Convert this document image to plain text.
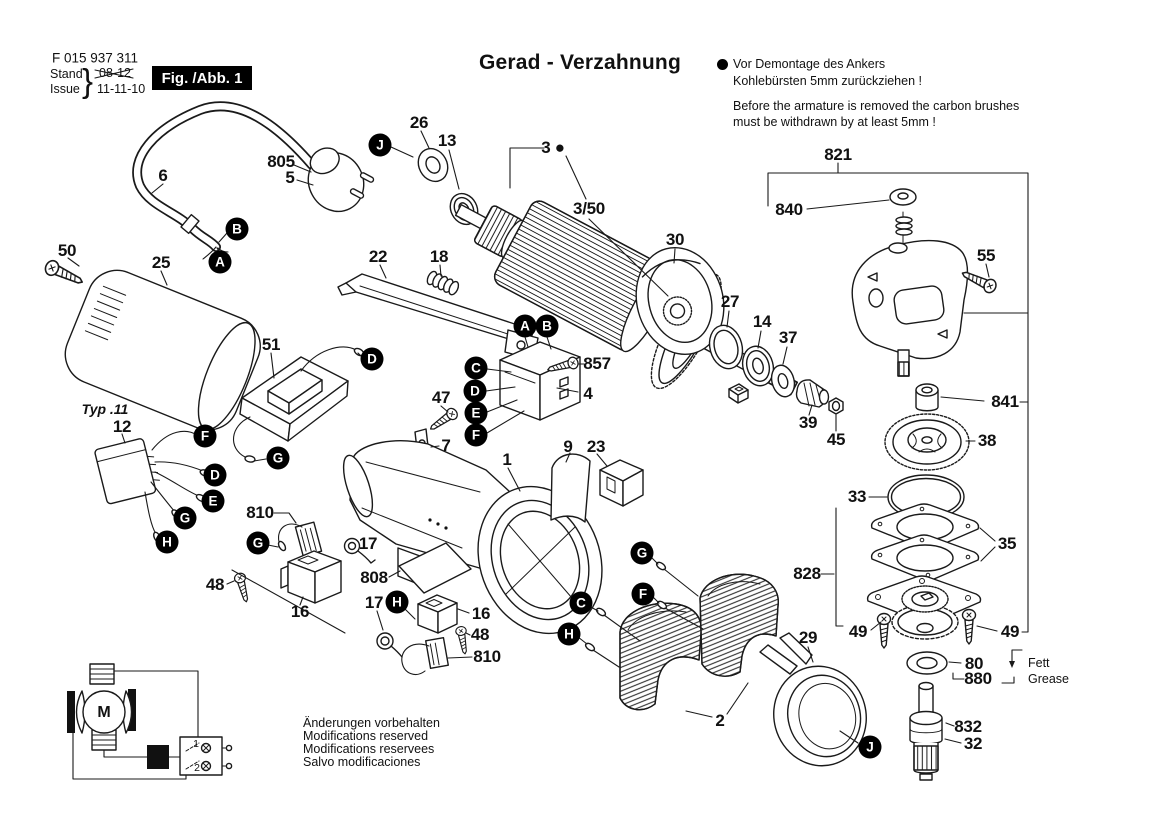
F 015 937 311
Stand
Issue } 08-12
11-11-10
Fig. /Abb. 1
Gerad - Verzahnung	Vor Demontage des Ankers
Kohlebürsten 5mm zurückziehen !
Before the armature is removed the carbon brushes
must be withdrawn by at least 5mm !
Typ .11
Fett
Grease
M
1
2
Änderungen vorbehalten
Modifications reserved
Modifications reservees
Salvo modificaciones
50
25
6
805
5
26
13	3 ●
3/50
22	18
30
27
14
37
39
45
821
840
55
841
38
33
35
828
49	49
29
80
880
832
32
857
4
47
7
1
9 23
51
12
810
17
48
16
808
17
16
48
810
2
B
A
J
A B
C
D
E
F
D
G
F
D
E
G
H	G
H	C
H
G
F
J
